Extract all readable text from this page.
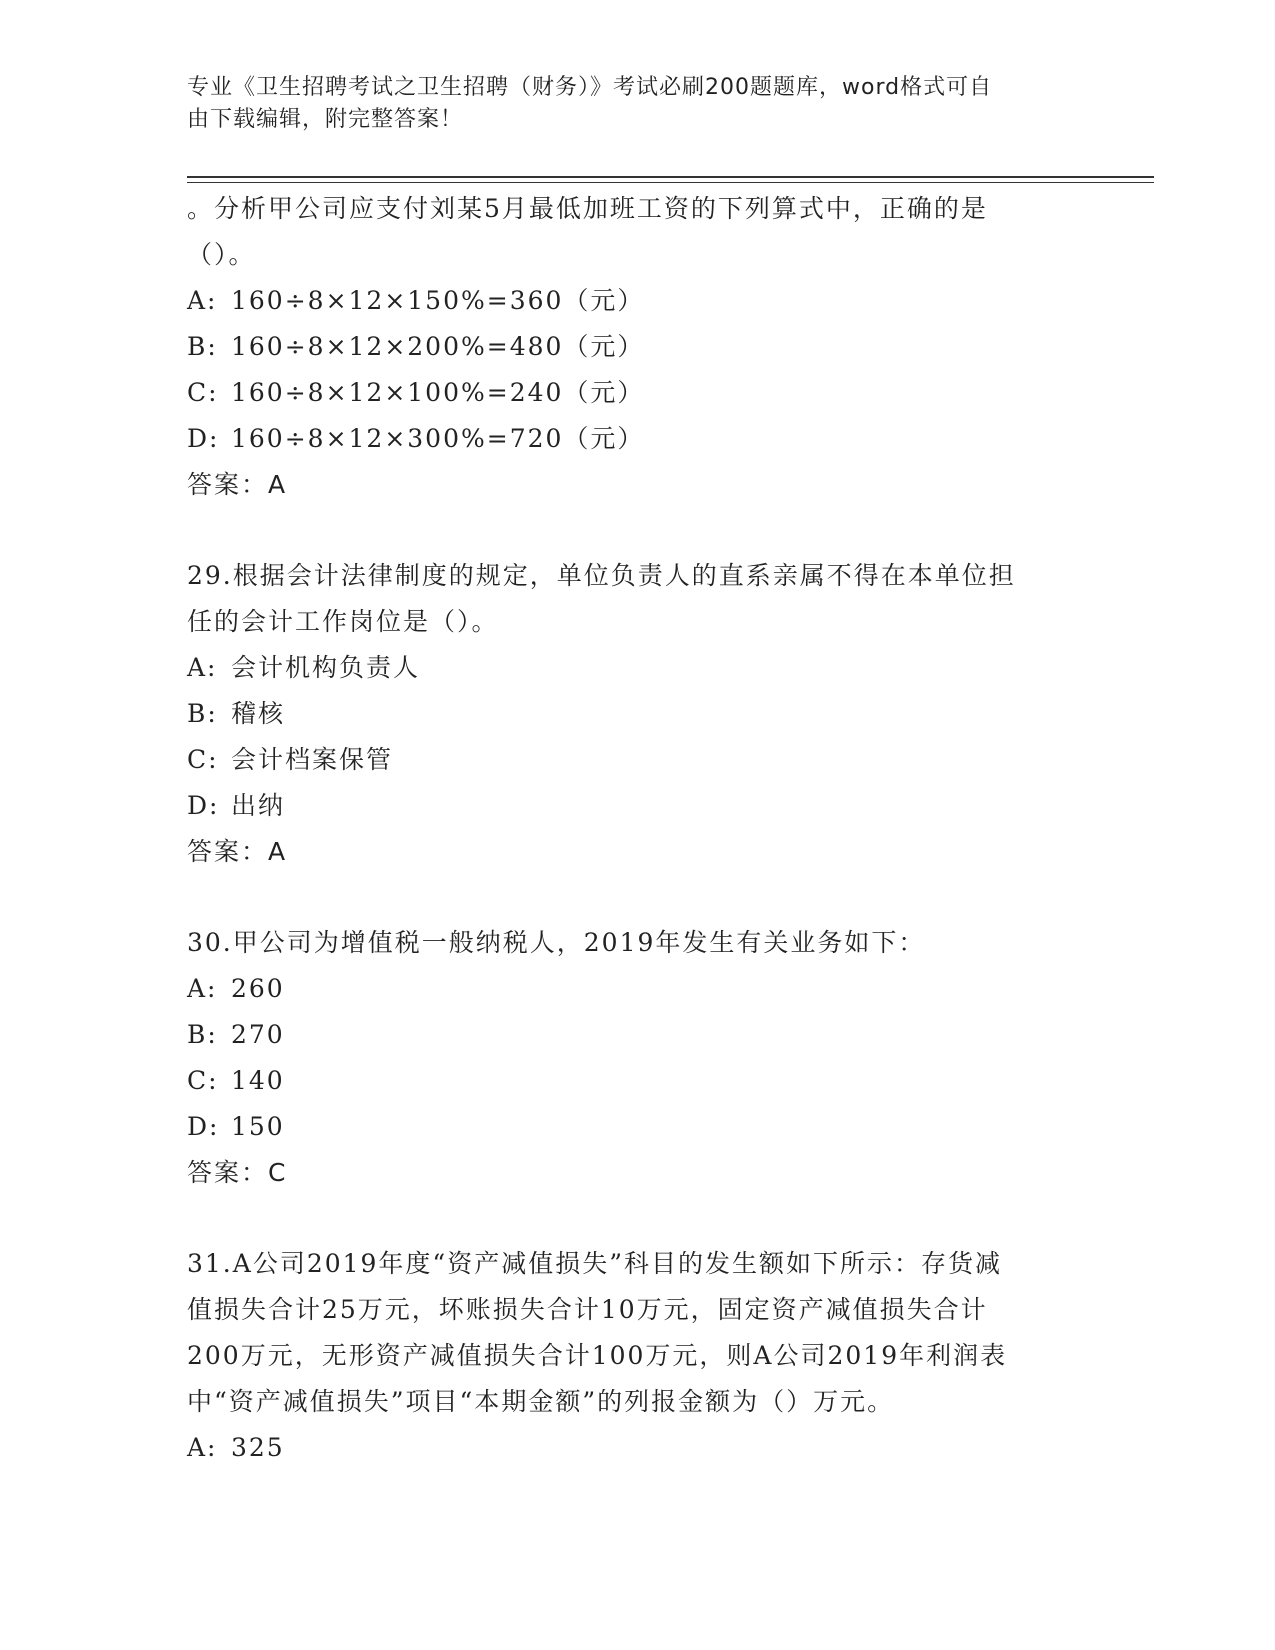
专业《卫生招聘考试之卫生招聘（财务）》考试必刷200题题库，word格式可自
由下载编辑，附完整答案！
。分析甲公司应支付刘某5月最低加班工资的下列算式中，正确的是
（）。
A: 160÷8×12×150%=360（元）
B: 160÷8×12×200%=480（元）
C: 160÷8×12×100%=240（元）
D: 160÷8×12×300%=720（元）
答案：A
29.根据会计法律制度的规定，单位负责人的直系亲属不得在本单位担
任的会计工作岗位是（）。
A: 会计机构负责人
B: 稽核
C: 会计档案保管
D: 出纳
答案：A
30.甲公司为增值税一般纳税人，2019年发生有关业务如下：
A: 260
B: 270
C: 140
D: 150
答案：C
31.A公司2019年度“资产减值损失”科目的发生额如下所示：存货减
值损失合计25万元，坏账损失合计10万元，固定资产减值损失合计
200万元，无形资产减值损失合计100万元，则A公司2019年利润表
中“资产减值损失”项目“本期金额”的列报金额为（）万元。
A: 325
